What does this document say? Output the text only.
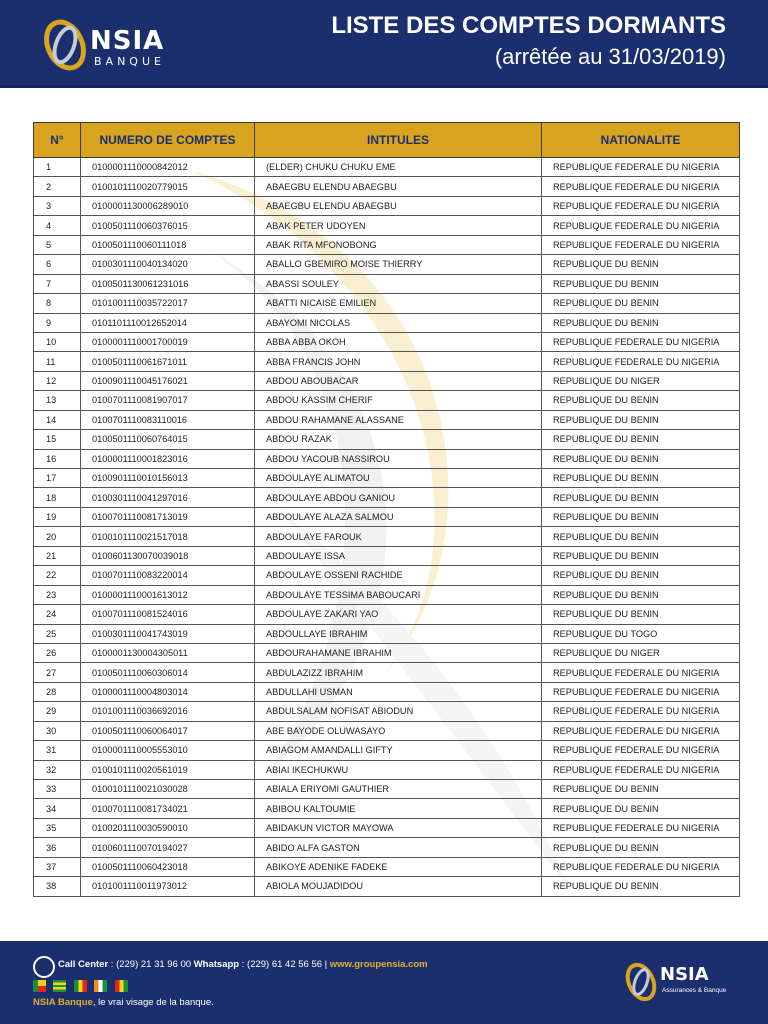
NSIA
BANQUE
LISTE DES COMPTES DORMANTS
(arrêtée au 31/03/2019)
N°	NUMERO DE COMPTES	INTITULES	NATIONALITE
1	0100001110000842012	(ELDER) CHUKU CHUKU EME	REPUBLIQUE FEDERALE DU NIGERIA
2	0100101110020779015	ABAEGBU ELENDU ABAEGBU	REPUBLIQUE FEDERALE DU NIGERIA
3	0100001130006289010	ABAEGBU ELENDU ABAEGBU	REPUBLIQUE FEDERALE DU NIGERIA
4	0100501110060376015	ABAK PETER UDOYEN	REPUBLIQUE FEDERALE DU NIGERIA
5	0100501110060111018	ABAK RITA MFONOBONG	REPUBLIQUE FEDERALE DU NIGERIA
6	0100301110040134020	ABALLO GBEMIRO MOISE THIERRY	REPUBLIQUE DU BENIN
7	0100501130061231016	ABASSI SOULEY	REPUBLIQUE DU BENIN
8	0101001110035722017	ABATTI NICAISE EMILIEN	REPUBLIQUE DU BENIN
9	0101101110012652014	ABAYOMI NICOLAS	REPUBLIQUE DU BENIN
10	0100001110001700019	ABBA ABBA OKOH	REPUBLIQUE FEDERALE DU NIGERIA
11	0100501110061671011	ABBA FRANCIS JOHN	REPUBLIQUE FEDERALE DU NIGERIA
12	0100901110045176021	ABDOU ABOUBACAR	REPUBLIQUE DU NIGER
13	0100701110081907017	ABDOU KASSIM CHERIF	REPUBLIQUE DU BENIN
14	0100701110083110016	ABDOU RAHAMANE ALASSANE	REPUBLIQUE DU BENIN
15	0100501110060764015	ABDOU RAZAK	REPUBLIQUE DU BENIN
16	0100001110001823016	ABDOU YACOUB NASSIROU	REPUBLIQUE DU BENIN
17	0100901110010156013	ABDOULAYE ALIMATOU	REPUBLIQUE DU BENIN
18	0100301110041297016	ABDOULAYE ABDOU GANIOU	REPUBLIQUE DU BENIN
19	0100701110081713019	ABDOULAYE ALAZA SALMOU	REPUBLIQUE DU BENIN
20	0100101110021517018	ABDOULAYE FAROUK	REPUBLIQUE DU BENIN
21	0100601130070039018	ABDOULAYE ISSA	REPUBLIQUE DU BENIN
22	0100701110083220014	ABDOULAYE OSSENI RACHIDE	REPUBLIQUE DU BENIN
23	0100001110001613012	ABDOULAYE TESSIMA BABOUCARI	REPUBLIQUE DU BENIN
24	0100701110081524016	ABDOULAYE ZAKARI YAO	REPUBLIQUE DU BENIN
25	0100301110041743019	ABDOULLAYE IBRAHIM	REPUBLIQUE DU TOGO
26	0100001130004305011	ABDOURAHAMANE IBRAHIM	REPUBLIQUE DU NIGER
27	0100501110060306014	ABDULAZIZZ IBRAHIM	REPUBLIQUE FEDERALE DU NIGERIA
28	0100001110004803014	ABDULLAHI USMAN	REPUBLIQUE FEDERALE DU NIGERIA
29	0101001110036692016	ABDULSALAM NOFISAT ABIODUN	REPUBLIQUE FEDERALE DU NIGERIA
30	0100501110060064017	ABE BAYODE OLUWASAYO	REPUBLIQUE FEDERALE DU NIGERIA
31	0100001110005553010	ABIAGOM AMANDALLI GIFTY	REPUBLIQUE FEDERALE DU NIGERIA
32	0100101110020561019	ABIAI IKECHUKWU	REPUBLIQUE FEDERALE DU NIGERIA
33	0100101110021030028	ABIALA ERIYOMI GAUTHIER	REPUBLIQUE DU BENIN
34	0100701110081734021	ABIBOU KALTOUMIE	REPUBLIQUE DU BENIN
35	0100201110030590010	ABIDAKUN VICTOR MAYOWA	REPUBLIQUE FEDERALE DU NIGERIA
36	0100601110070194027	ABIDO ALFA GASTON	REPUBLIQUE DU BENIN
37	0100501110060423018	ABIKOYE ADENIKE FADEKE	REPUBLIQUE FEDERALE DU NIGERIA
38	0101001110011973012	ABIOLA MOUJADIDOU	REPUBLIQUE DU BENIN
Call Center : (229) 21 31 96 00 Whatsapp : (229) 61 42 56 56 | www.groupensia.com

NSIA Banque, le vrai visage de la banque.
NSIA
Assurances & Banque
